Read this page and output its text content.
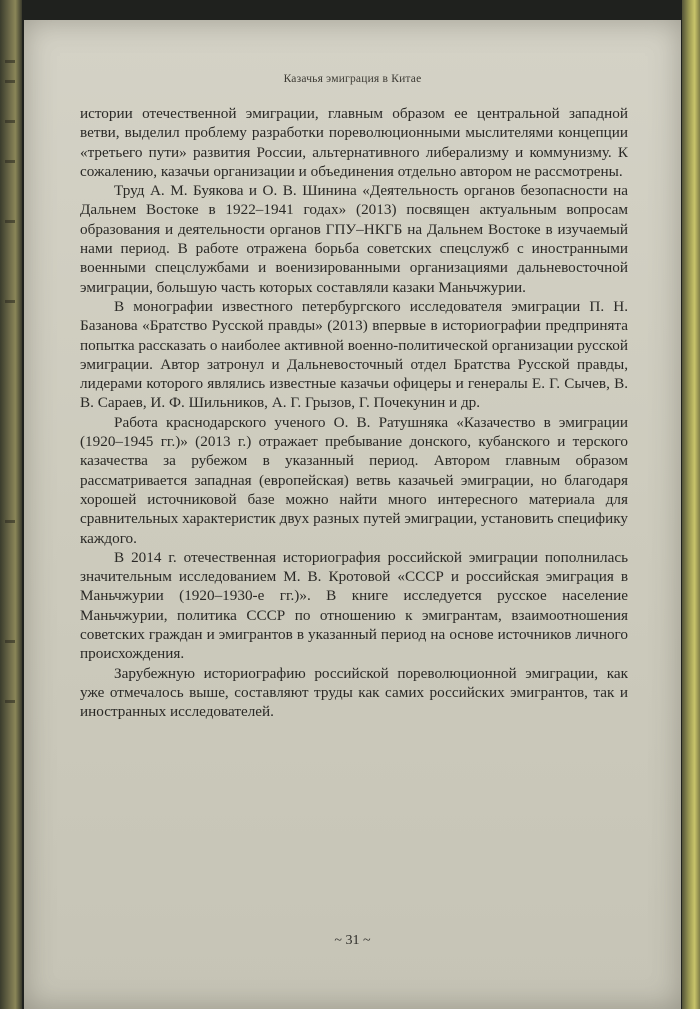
Казачья эмиграция в Китае

истории отечественной эмиграции, главным образом ее центральной западной ветви, выделил проблему разработки пореволюционными мыслителями концепции «третьего пути» развития России, альтернативного либерализму и коммунизму. К сожалению, казачьи организации и объединения отдельно автором не рассмотрены.

Труд А. М. Буякова и О. В. Шинина «Деятельность органов безопасности на Дальнем Востоке в 1922–1941 годах» (2013) посвящен актуальным вопросам образования и деятельности органов ГПУ–НКГБ на Дальнем Востоке в изучаемый нами период. В работе отражена борьба советских спецслужб с иностранными военными спецслужбами и военизированными организациями дальневосточной эмиграции, большую часть которых составляли казаки Маньчжурии.

В монографии известного петербургского исследователя эмиграции П. Н. Базанова «Братство Русской правды» (2013) впервые в историографии предпринята попытка рассказать о наиболее активной военно-политической организации русской эмиграции. Автор затронул и Дальневосточный отдел Братства Русской правды, лидерами которого являлись известные казачьи офицеры и генералы Е. Г. Сычев, В. В. Сараев, И. Ф. Шильников, А. Г. Грызов, Г. Почекунин и др.

Работа краснодарского ученого О. В. Ратушняка «Казачество в эмиграции (1920–1945 гг.)» (2013 г.) отражает пребывание донского, кубанского и терского казачества за рубежом в указанный период. Автором главным образом рассматривается западная (европейская) ветвь казачьей эмиграции, но благодаря хорошей источниковой базе можно найти много интересного материала для сравнительных характеристик двух разных путей эмиграции, установить специфику каждого.

В 2014 г. отечественная историография российской эмиграции пополнилась значительным исследованием М. В. Кротовой «СССР и российская эмиграция в Маньчжурии (1920–1930-е гг.)». В книге исследуется русское население Маньчжурии, политика СССР по отношению к эмигрантам, взаимоотношения советских граждан и эмигрантов в указанный период на основе источников личного происхождения.

Зарубежную историографию российской пореволюционной эмиграции, как уже отмечалось выше, составляют труды как самих российских эмигрантов, так и иностранных исследователей.

~ 31 ~
